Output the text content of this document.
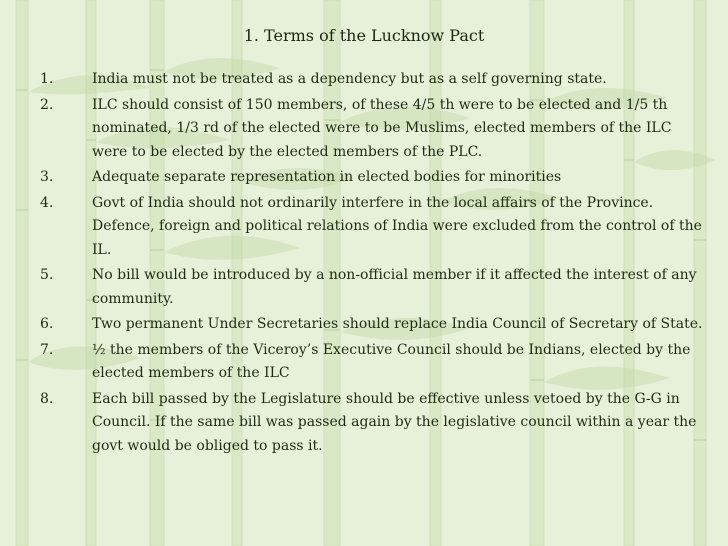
1. Terms of the Lucknow Pact
1.	India must not be treated as a dependency but as a self governing state.
2.	ILC should consist of 150 members, of these 4/5 th were to be elected and 1/5 th nominated, 1/3 rd of the elected were to be Muslims, elected members of the ILC were to be elected by the elected members of the PLC.
3.	Adequate separate representation in elected bodies for minorities
4.	Govt of India should not ordinarily interfere in the local affairs of the Province. Defence, foreign and political relations of India were excluded from the control of the IL.
5.	No bill would be introduced by a non-official member if it affected the interest of any community.
6.	Two permanent Under Secretaries should replace India Council of Secretary of State.
7.	½ the members of the Viceroy’s Executive Council should be Indians, elected by the elected members of the ILC
8.	Each bill passed by the Legislature should be effective unless vetoed by the G-G in Council. If the same bill was passed again by the legislative council within a year the govt would be obliged to pass it.
